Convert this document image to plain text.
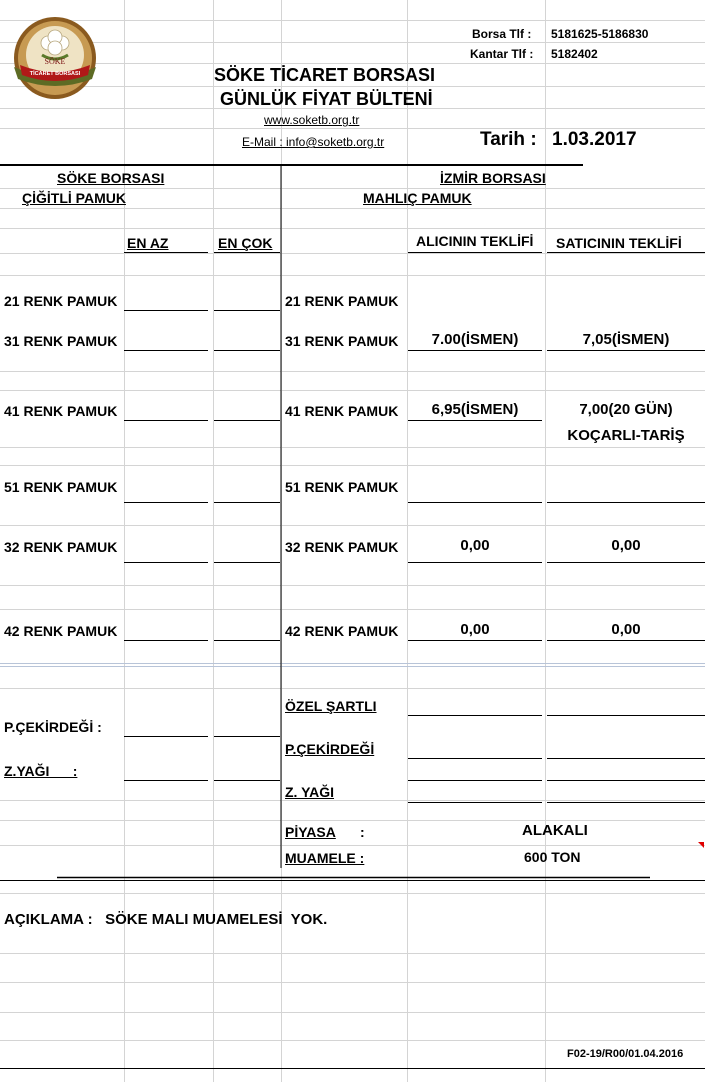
SÖKE
TİCARET BORSASI
Borsa Tlf : 5181625-5186830
Kantar Tlf : 5182402
SÖKE TİCARET BORSASI
GÜNLÜK FİYAT BÜLTENİ
www.soketb.org.tr
E-Mail : info@soketb.org.tr	Tarih : 1.03.2017
SÖKE BORSASI
ÇİĞİTLİ PAMUK
EN AZ	EN ÇOK
21 RENK PAMUK
31 RENK PAMUK
41 RENK PAMUK
51 RENK PAMUK
32 RENK PAMUK
42 RENK PAMUK
P.ÇEKİRDEĞİ :
Z.YAĞI      :
İZMİR BORSASI
MAHLIÇ PAMUK
ALICININ TEKLİFİ SATICININ TEKLİFİ
21 RENK PAMUK
31 RENK PAMUK	7.00(İSMEN)	7,05(İSMEN)
41 RENK PAMUK	6,95(İSMEN)	7,00(20 GÜN)
KOÇARLI-TARİŞ
51 RENK PAMUK
32 RENK PAMUK	0,00	0,00
42 RENK PAMUK	0,00	0,00
ÖZEL ŞARTLI
P.ÇEKİRDEĞİ
Z. YAĞI
PİYASA :	ALAKALI
MUAMELE :	600 TON
AÇIKLAMA :   SÖKE MALI MUAMELESİ  YOK.
F02-19/R00/01.04.2016
